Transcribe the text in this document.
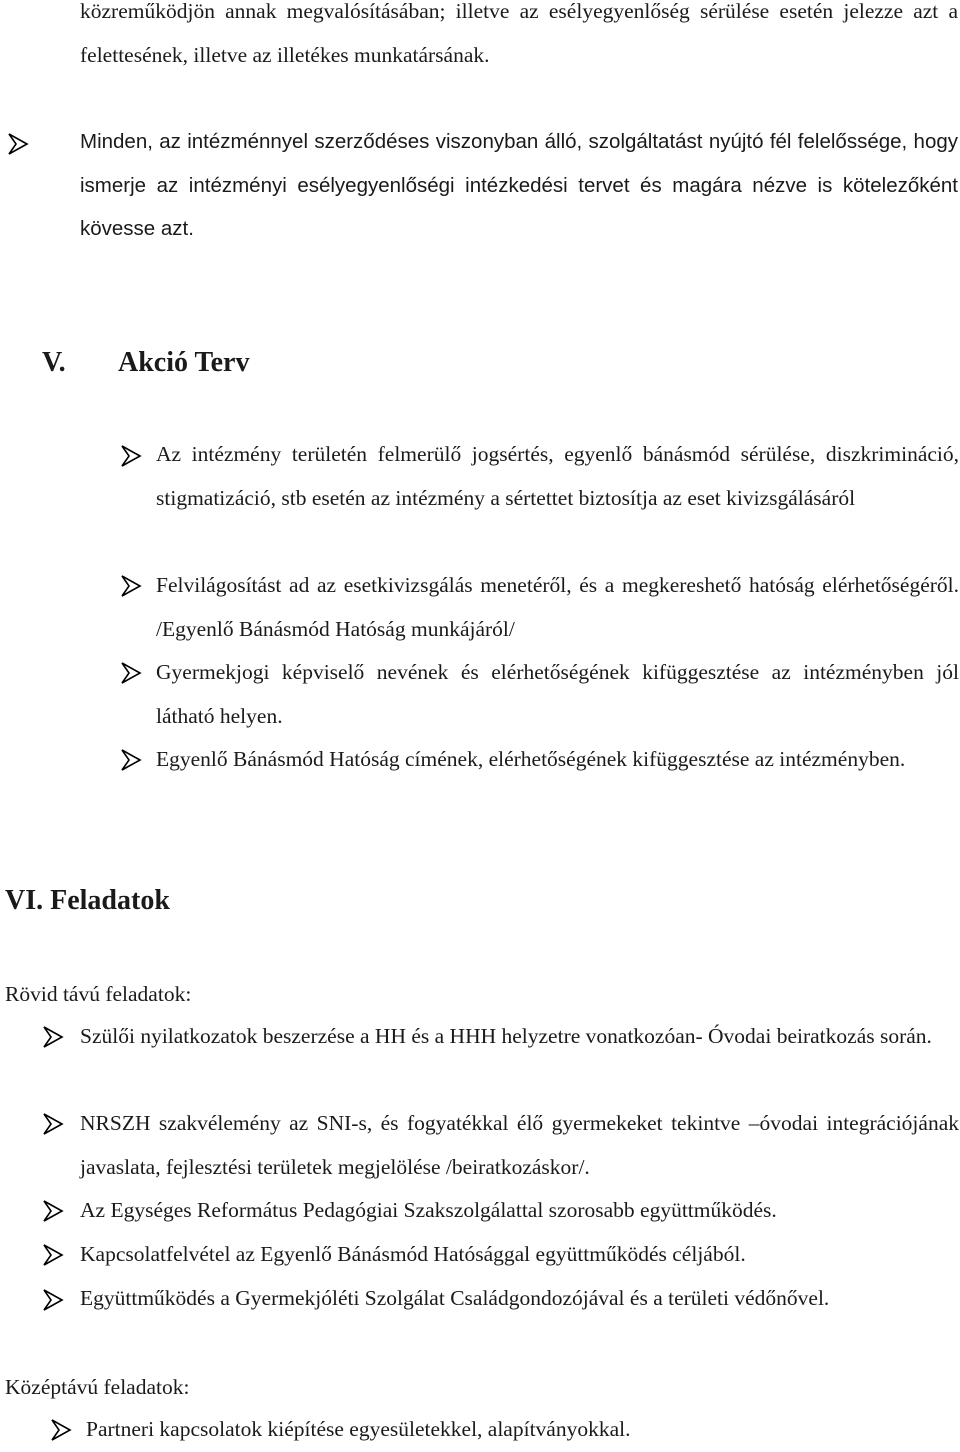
közreműködjön annak megvalósításában; illetve az esélyegyenlőség sérülése esetén jelezze azt a felettesének, illetve az illetékes munkatársának.
Minden, az intézménnyel szerződéses viszonyban álló, szolgáltatást nyújtó fél felelőssége, hogy ismerje az intézményi esélyegyenlőségi intézkedési tervet és magára nézve is kötelezőként kövesse azt.
V. Akció Terv
Az intézmény területén felmerülő jogsértés, egyenlő bánásmód sérülése, diszkrimináció, stigmatizáció, stb esetén az intézmény a sértettet biztosítja az eset kivizsgálásáról
Felvilágosítást ad az esetkivizsgálás menetéről, és a megkereshető hatóság elérhetőségéről. /Egyenlő Bánásmód Hatóság munkájáról/
Gyermekjogi képviselő nevének és elérhetőségének kifüggesztése az intézményben jól látható helyen.
Egyenlő Bánásmód Hatóság címének, elérhetőségének kifüggesztése az intézményben.
VI. Feladatok
Rövid távú feladatok:
Szülői nyilatkozatok beszerzése a HH és a HHH helyzetre vonatkozóan- Óvodai beiratkozás során.
NRSZH szakvélemény az SNI-s, és fogyatékkal élő gyermekeket tekintve –óvodai integrációjának javaslata, fejlesztési területek megjelölése /beiratkozáskor/.
Az Egységes Református Pedagógiai Szakszolgálattal szorosabb együttműködés.
Kapcsolatfelvétel az Egyenlő Bánásmód Hatósággal együttműködés céljából.
Együttműködés a Gyermekjóléti Szolgálat Családgondozójával és a területi védőnővel.
Középtávú feladatok:
Partneri kapcsolatok kiépítése egyesületekkel, alapítványokkal.
